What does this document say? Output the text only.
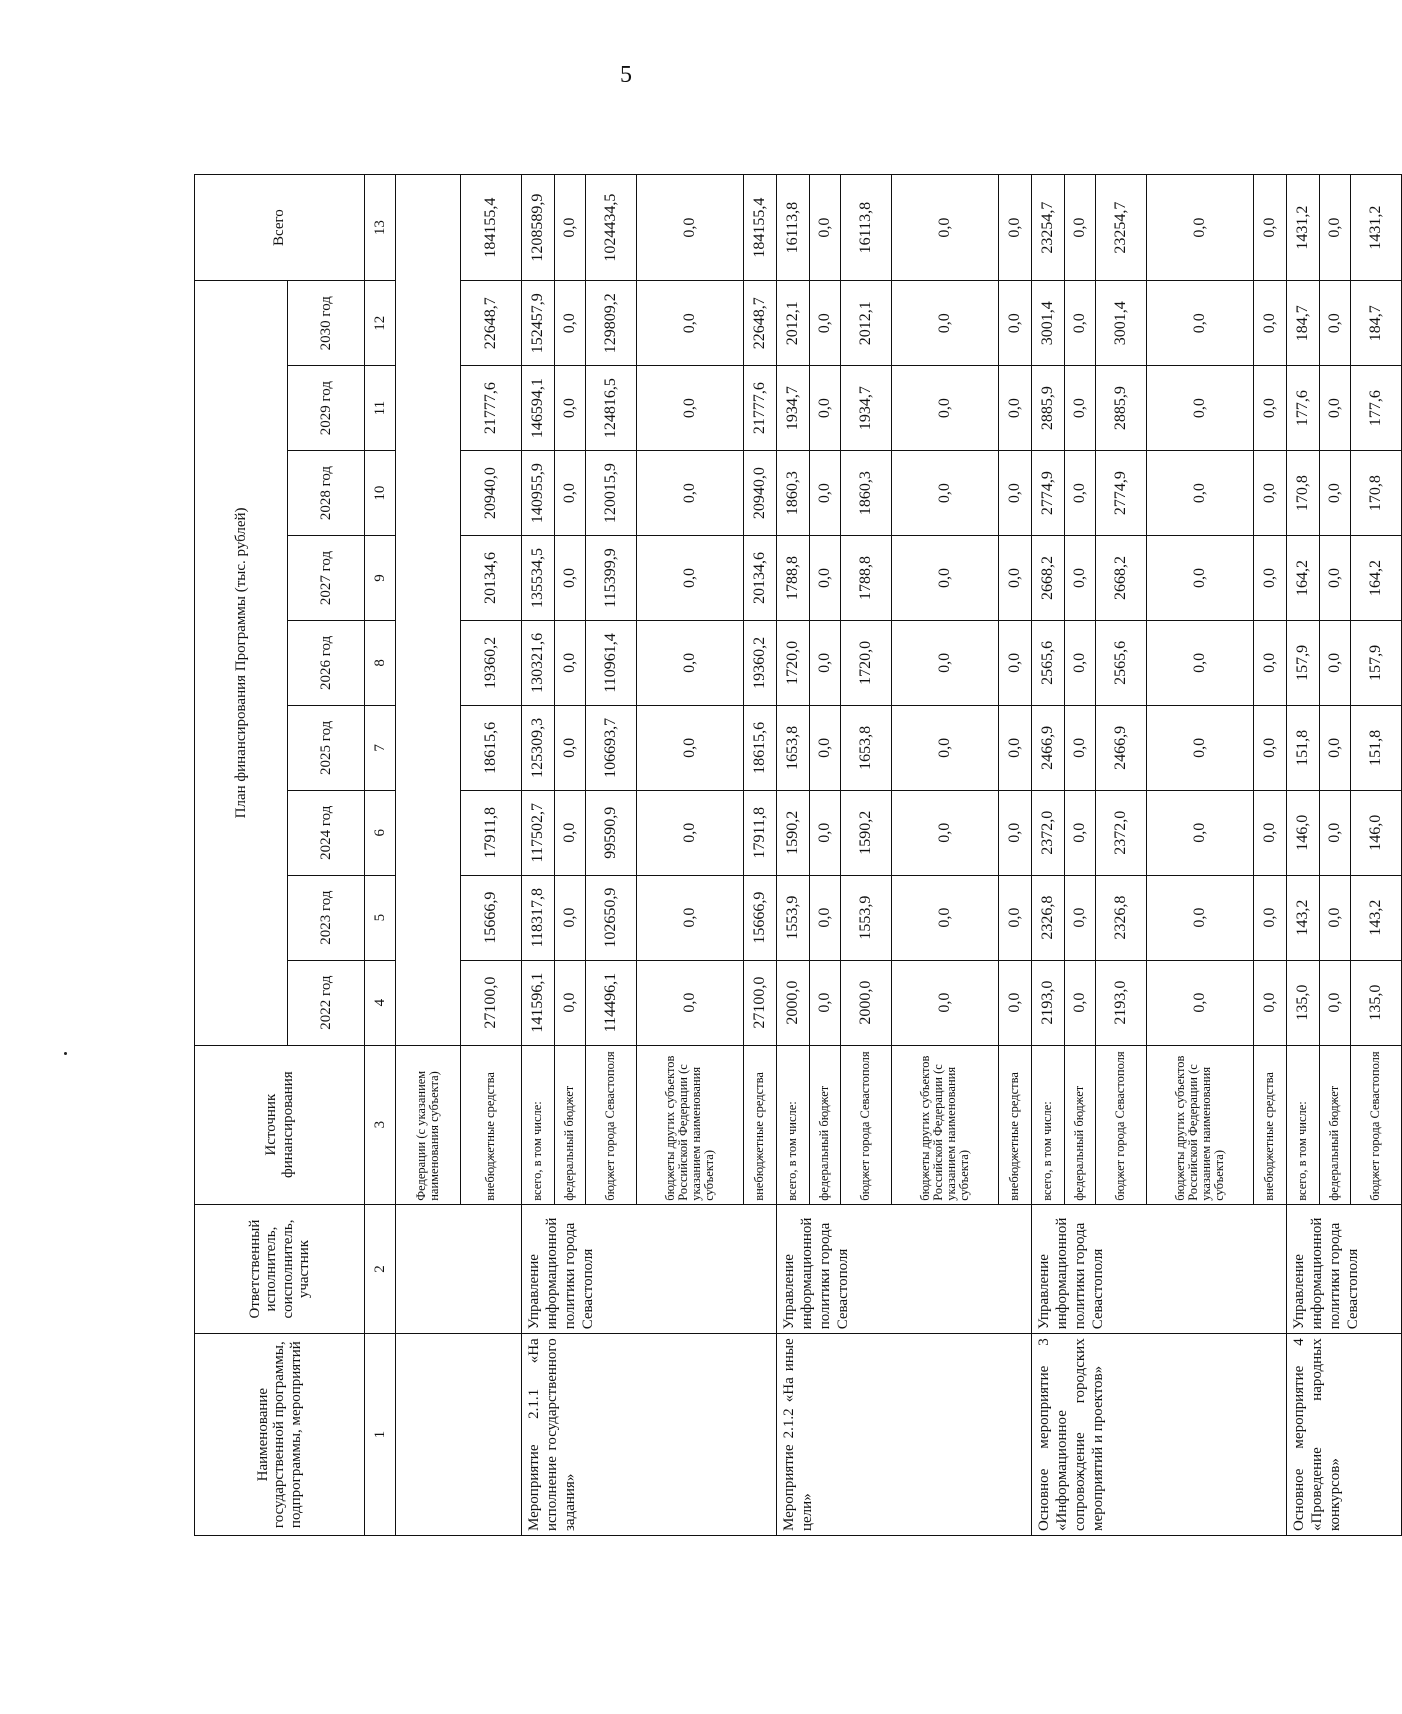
5
Наименование государственной программы, подпрограммы, мероприятий	Ответственный исполнитель, соисполнитель, участник	Источник финансирования	План финансирования Программы (тыс. рублей)									Всего
			2022 год	2023 год	2024 год	2025 год	2026 год	2027 год	2028 год	2029 год	2030 год	
1	2	3	4	5	6	7	8	9	10	11	12	13
		Федерации (с указанием наименования субъекта)										
		внебюджетные средства	27100,0	15666,9	17911,8	18615,6	19360,2	20134,6	20940,0	21777,6	22648,7	184155,4
Мероприятие 2.1.1 «На исполнение государственного задания»	Управление информационной политики города Севастополя	всего, в том числе:	141596,1	118317,8	117502,7	125309,3	130321,6	135534,5	140955,9	146594,1	152457,9	1208589,9
		федеральный бюджет	0,0	0,0	0,0	0,0	0,0	0,0	0,0	0,0	0,0	0,0
		бюджет города Севастополя	114496,1	102650,9	99590,9	106693,7	110961,4	115399,9	120015,9	124816,5	129809,2	1024434,5
		бюджеты других субъектов Российской Федерации (с указанием наименования субъекта)	0,0	0,0	0,0	0,0	0,0	0,0	0,0	0,0	0,0	0,0
		внебюджетные средства	27100,0	15666,9	17911,8	18615,6	19360,2	20134,6	20940,0	21777,6	22648,7	184155,4
Мероприятие 2.1.2 «На иные цели»	Управление информационной политики города Севастополя	всего, в том числе:	2000,0	1553,9	1590,2	1653,8	1720,0	1788,8	1860,3	1934,7	2012,1	16113,8
		федеральный бюджет	0,0	0,0	0,0	0,0	0,0	0,0	0,0	0,0	0,0	0,0
		бюджет города Севастополя	2000,0	1553,9	1590,2	1653,8	1720,0	1788,8	1860,3	1934,7	2012,1	16113,8
		бюджеты других субъектов Российской Федерации (с указанием наименования субъекта)	0,0	0,0	0,0	0,0	0,0	0,0	0,0	0,0	0,0	0,0
		внебюджетные средства	0,0	0,0	0,0	0,0	0,0	0,0	0,0	0,0	0,0	0,0
Основное мероприятие 3 «Информационное сопровождение городских мероприятий и проектов»	Управление информационной политики города Севастополя	всего, в том числе:	2193,0	2326,8	2372,0	2466,9	2565,6	2668,2	2774,9	2885,9	3001,4	23254,7
		федеральный бюджет	0,0	0,0	0,0	0,0	0,0	0,0	0,0	0,0	0,0	0,0
		бюджет города Севастополя	2193,0	2326,8	2372,0	2466,9	2565,6	2668,2	2774,9	2885,9	3001,4	23254,7
		бюджеты других субъектов Российской Федерации (с указанием наименования субъекта)	0,0	0,0	0,0	0,0	0,0	0,0	0,0	0,0	0,0	0,0
		внебюджетные средства	0,0	0,0	0,0	0,0	0,0	0,0	0,0	0,0	0,0	0,0
Основное мероприятие 4 «Проведение народных конкурсов»	Управление информационной политики города Севастополя	всего, в том числе:	135,0	143,2	146,0	151,8	157,9	164,2	170,8	177,6	184,7	1431,2
		федеральный бюджет	0,0	0,0	0,0	0,0	0,0	0,0	0,0	0,0	0,0	0,0
		бюджет города Севастополя	135,0	143,2	146,0	151,8	157,9	164,2	170,8	177,6	184,7	1431,2
